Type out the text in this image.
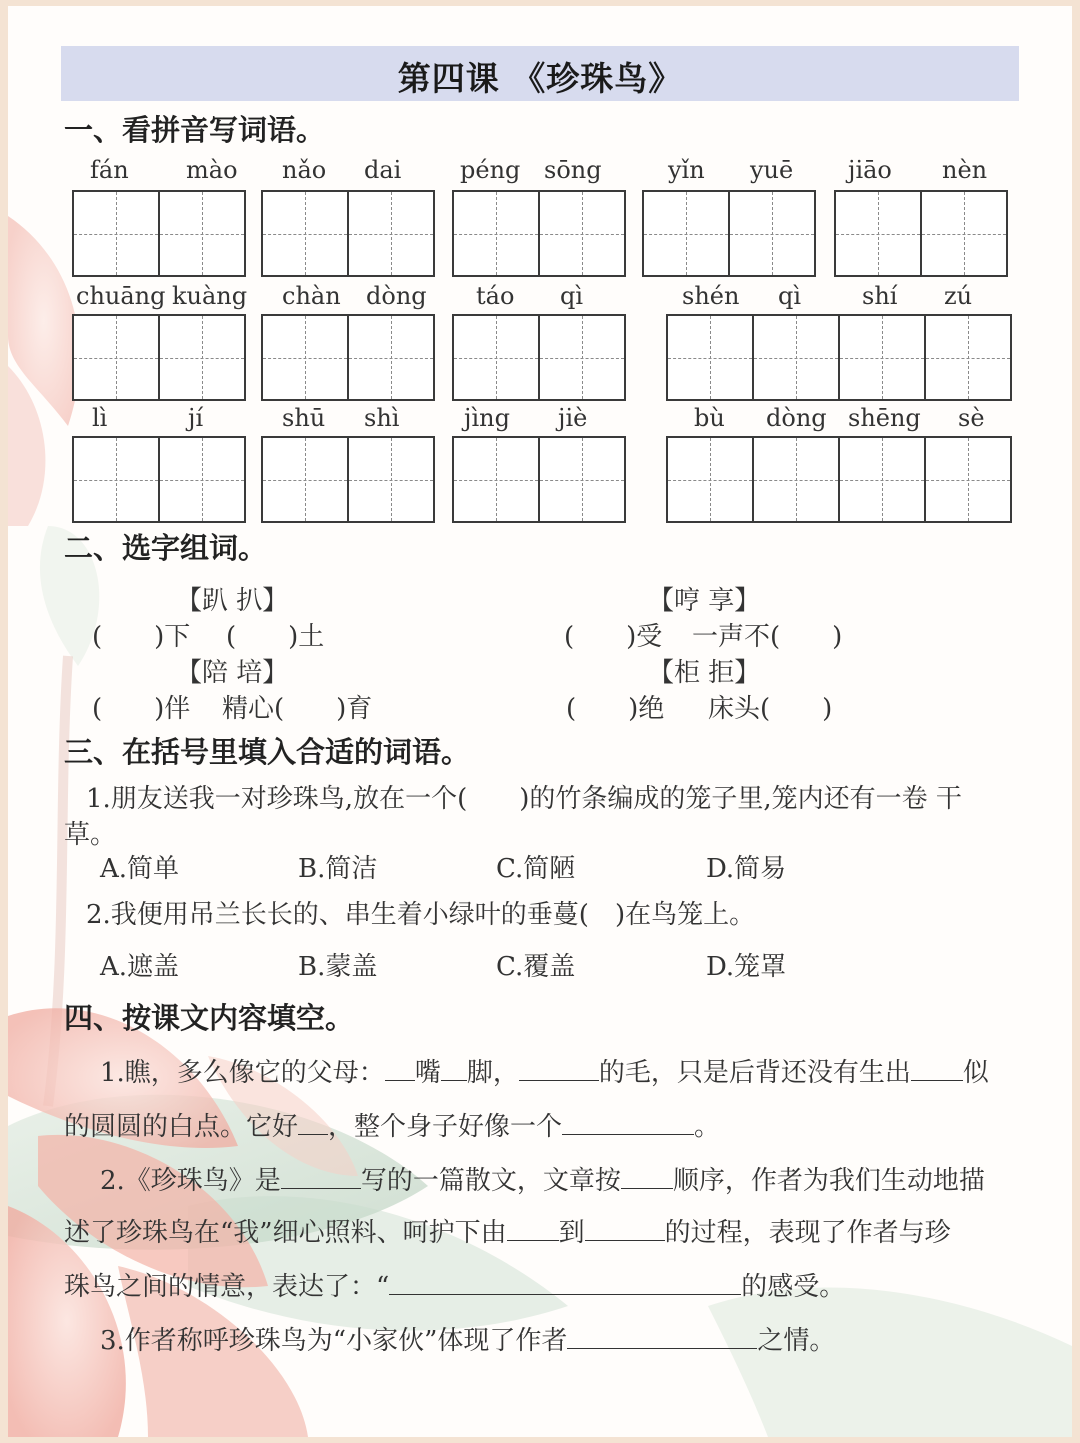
第四课 《珍珠鸟》
一、看拼音写词语。
fán mào nǎo dai péng sōng	yǐn yuē jiāo nèn
chuāng kuàng chàn dòng táo qì	shén qì	shí zú
lì	jí	shū shì	jìng jiè	bù dòng shēng sè
二、选字组词。
【趴 扒】
(　　)下 (　　)土
【哼 享】
(　　)受 一声不(　　)
【陪 培】
(　　)伴 精心(　　)育
【柜 拒】
(　　)绝 床头(　　)
三、在括号里填入合适的词语。
1.朋友送我一对珍珠鸟,放在一个(　　)的竹条编成的笼子里,笼内还有一卷 干
草。
A.简单	B.简洁	C.简陋	D.简易
2.我便用吊兰长长的、串生着小绿叶的垂蔓(　)在鸟笼上。
A.遮盖	B.蒙盖	C.覆盖	D.笼罩
四、按课文内容填空。
1.瞧，多么像它的父母： 嘴 脚，	的毛，只是后背还没有生出 似
的圆圆的白点。它好 ，整个身子好像一个	。
2.《珍珠鸟》是	写的一篇散文，文章按 顺序，作者为我们生动地描
述了珍珠鸟在“我”细心照料、呵护下由 到	的过程，表现了作者与珍
珠鸟之间的情意，表达了：“	的感受。
3.作者称呼珍珠鸟为“小家伙”体现了作者	之情。
